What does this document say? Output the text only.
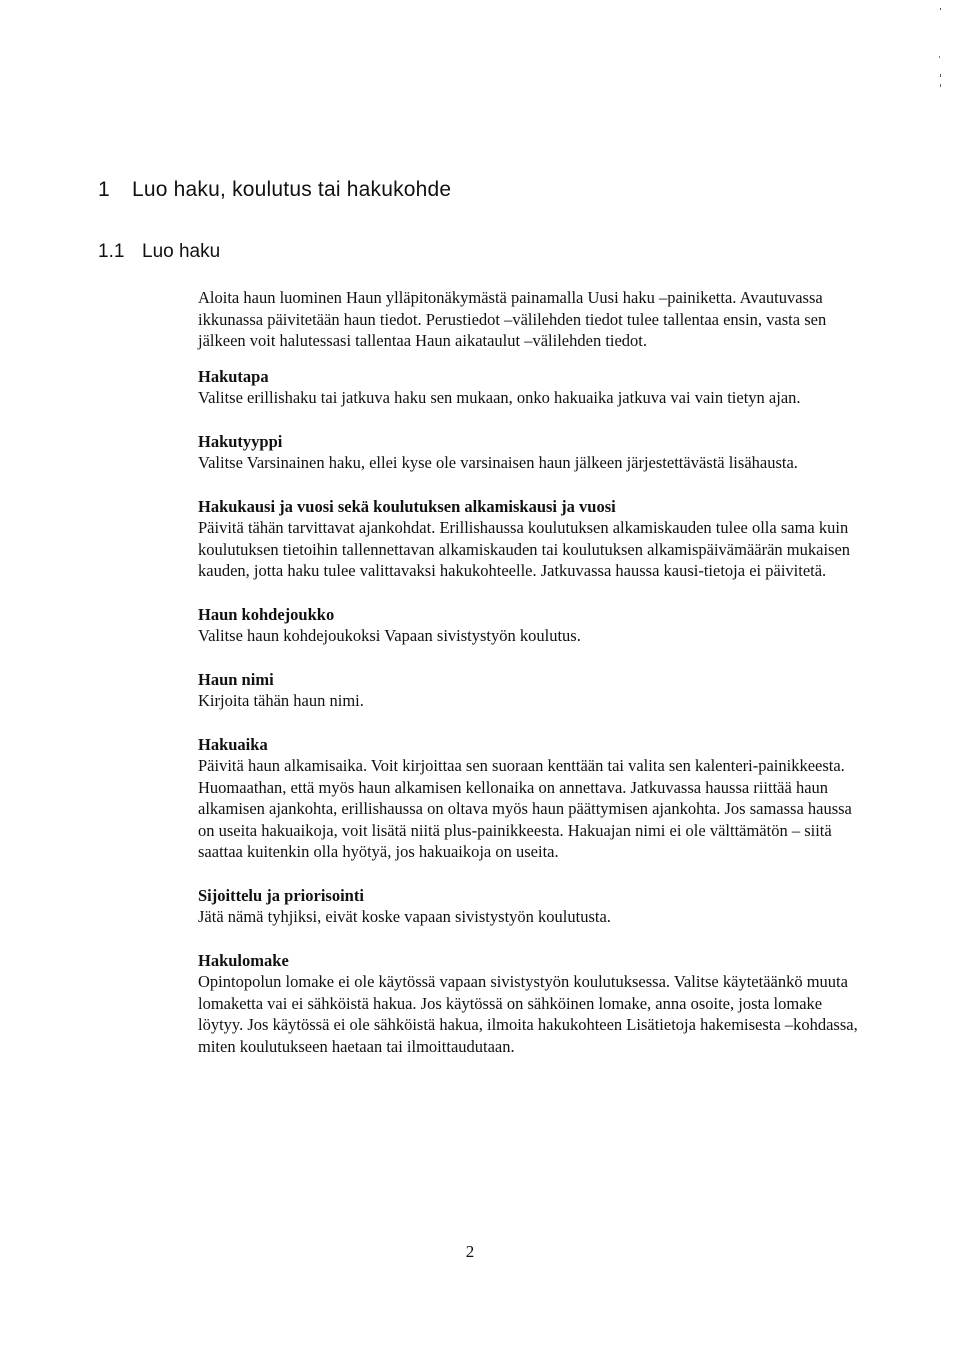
1 Luo haku, koulutus tai hakukohde
1.1 Luo haku

Aloita haun luominen Haun ylläpitonäkymästä painamalla Uusi haku –painiketta. Avautuvassa ikkunassa päivitetään haun tiedot. Perustiedot –välilehden tiedot tulee tallentaa ensin, vasta sen jälkeen voit halutessasi tallentaa Haun aikataulut –välilehden tiedot.

Hakutapa

Valitse erillishaku tai jatkuva haku sen mukaan, onko hakuaika jatkuva vai vain tietyn ajan.

Hakutyyppi

Valitse Varsinainen haku, ellei kyse ole varsinaisen haun jälkeen järjestettävästä lisähausta.

Hakukausi ja vuosi sekä koulutuksen alkamiskausi ja vuosi

Päivitä tähän tarvittavat ajankohdat. Erillishaussa koulutuksen alkamiskauden tulee olla sama kuin koulutuksen tietoihin tallennettavan alkamiskauden tai koulutuksen alkamispäivämäärän mukaisen kauden, jotta haku tulee valittavaksi hakukohteelle. Jatkuvassa haussa kausi-tietoja ei päivitetä.

Haun kohdejoukko

Valitse haun kohdejoukoksi Vapaan sivistystyön koulutus.

Haun nimi

Kirjoita tähän haun nimi.

Hakuaika

Päivitä haun alkamisaika. Voit kirjoittaa sen suoraan kenttään tai valita sen kalenteri-painikkeesta. Huomaathan, että myös haun alkamisen kellonaika on annettava. Jatkuvassa haussa riittää haun alkamisen ajankohta, erillishaussa on oltava myös haun päättymisen ajankohta. Jos samassa haussa on useita hakuaikoja, voit lisätä niitä plus-painikkeesta. Hakuajan nimi ei ole välttämätön – siitä saattaa kuitenkin olla hyötyä, jos hakuaikoja on useita.

Sijoittelu ja priorisointi

Jätä nämä tyhjiksi, eivät koske vapaan sivistystyön koulutusta.

Hakulomake

Opintopolun lomake ei ole käytössä vapaan sivistystyön koulutuksessa. Valitse käytetäänkö muuta lomaketta vai ei sähköistä hakua. Jos käytössä on sähköinen lomake, anna osoite, josta lomake löytyy. Jos käytössä ei ole sähköistä hakua, ilmoita hakukohteen Lisätietoja hakemisesta –kohdassa, miten koulutukseen haetaan tai ilmoittaudutaan.

2
